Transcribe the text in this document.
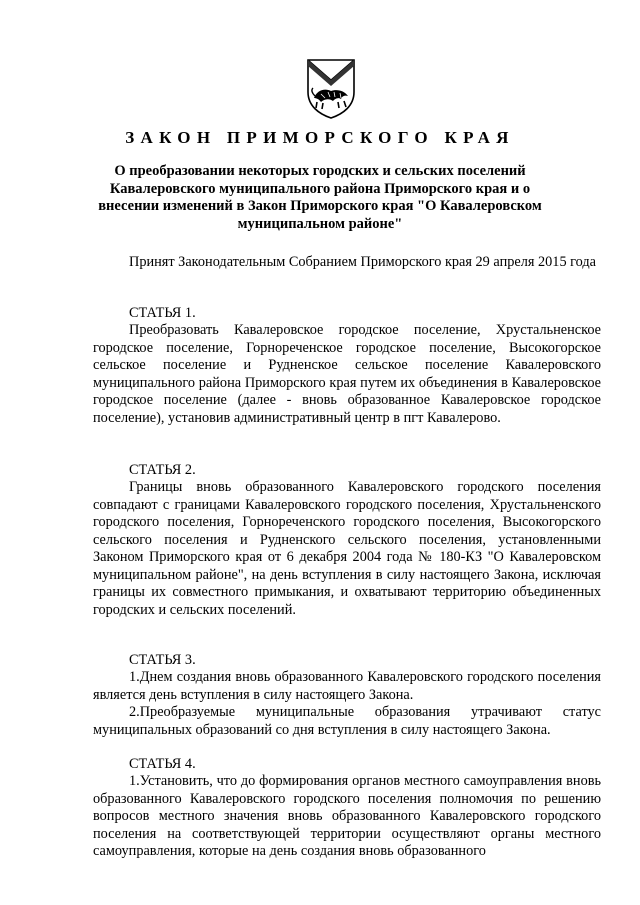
ЗАКОН ПРИМОРСКОГО КРАЯ
О преобразовании некоторых городских и сельских поселений
Кавалеровского муниципального района Приморского края и о
внесении изменений в Закон Приморского края "О Кавалеровском
муниципальном районе"

Принят Законодательным Собранием Приморского края 29 апреля 2015 года

СТАТЬЯ 1.

Преобразовать Кавалеровское городское поселение, Хрустальненское городское поселение, Горнореченское городское поселение, Высокогорское сельское поселение и Рудненское сельское поселение Кавалеровского муниципального района Приморского края путем их объединения в Кавалеровское городское поселение (далее - вновь образованное Кавалеровское городское поселение), установив административный центр в пгт Кавалерово.

СТАТЬЯ 2.

Границы вновь образованного Кавалеровского городского поселения совпадают с границами Кавалеровского городского поселения, Хрустальненского городского поселения, Горнореченского городского поселения, Высокогорского сельского поселения и Рудненского сельского поселения, установленными Законом Приморского края от 6 декабря 2004 года № 180-КЗ "О Кавалеровском муниципальном районе", на день вступления в силу настоящего Закона, исключая границы их совместного примыкания, и охватывают территорию объединенных городских и сельских поселений.

СТАТЬЯ 3.

1.Днем создания вновь образованного Кавалеровского городского поселения является день вступления в силу настоящего Закона.

2.Преобразуемые муниципальные образования утрачивают статус муниципальных образований со дня вступления в силу настоящего Закона.

СТАТЬЯ 4.

1.Установить, что до формирования органов местного самоуправления вновь образованного Кавалеровского городского поселения полномочия по решению вопросов местного значения вновь образованного Кавалеровского городского поселения на соответствующей территории осуществляют органы местного самоуправления, которые на день создания вновь образованного
